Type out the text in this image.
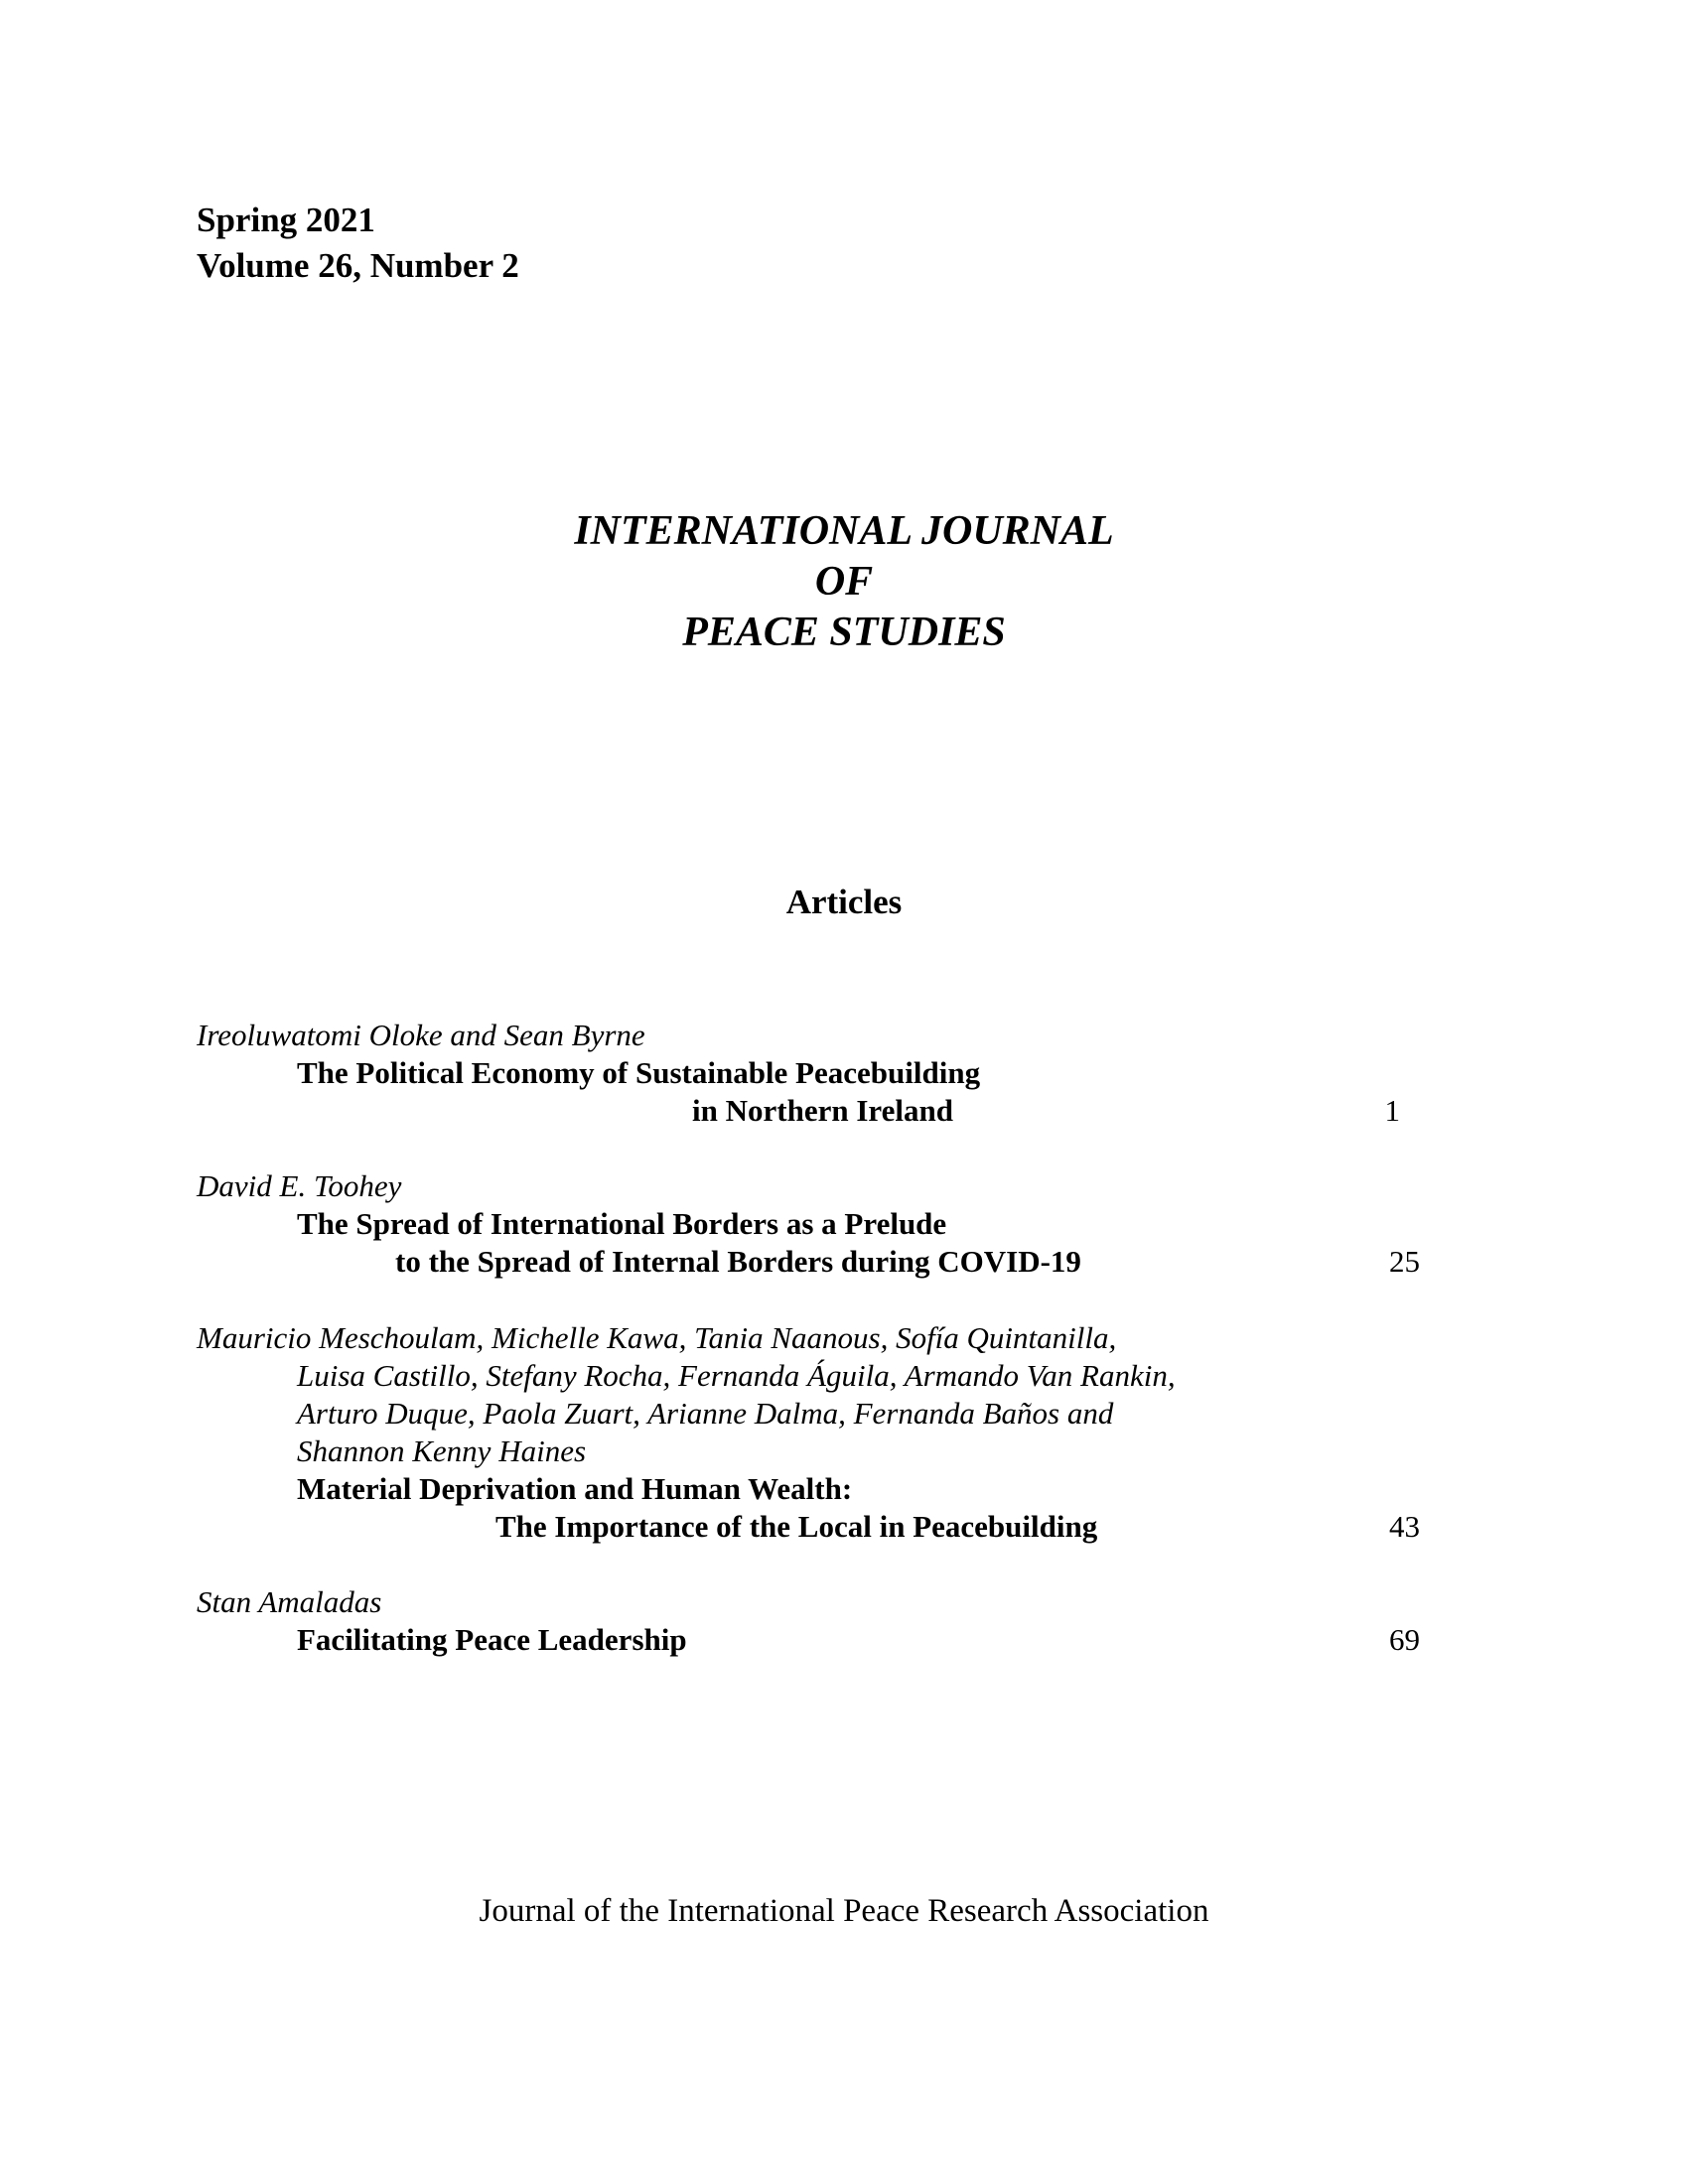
Spring 2021
Volume 26, Number 2
INTERNATIONAL JOURNAL
OF
PEACE STUDIES
Articles
Ireoluwatomi Oloke and Sean Byrne
The Political Economy of Sustainable Peacebuilding
in Northern Ireland	1
David E. Toohey
The Spread of International Borders as a Prelude
to the Spread of Internal Borders during COVID-19	25
Mauricio Meschoulam, Michelle Kawa, Tania Naanous, Sofía Quintanilla,
Luisa Castillo, Stefany Rocha, Fernanda Águila, Armando Van Rankin,
Arturo Duque, Paola Zuart, Arianne Dalma, Fernanda Baños and
Shannon Kenny Haines
Material Deprivation and Human Wealth:
The Importance of the Local in Peacebuilding	43
Stan Amaladas
Facilitating Peace Leadership	69
Journal of the International Peace Research Association
